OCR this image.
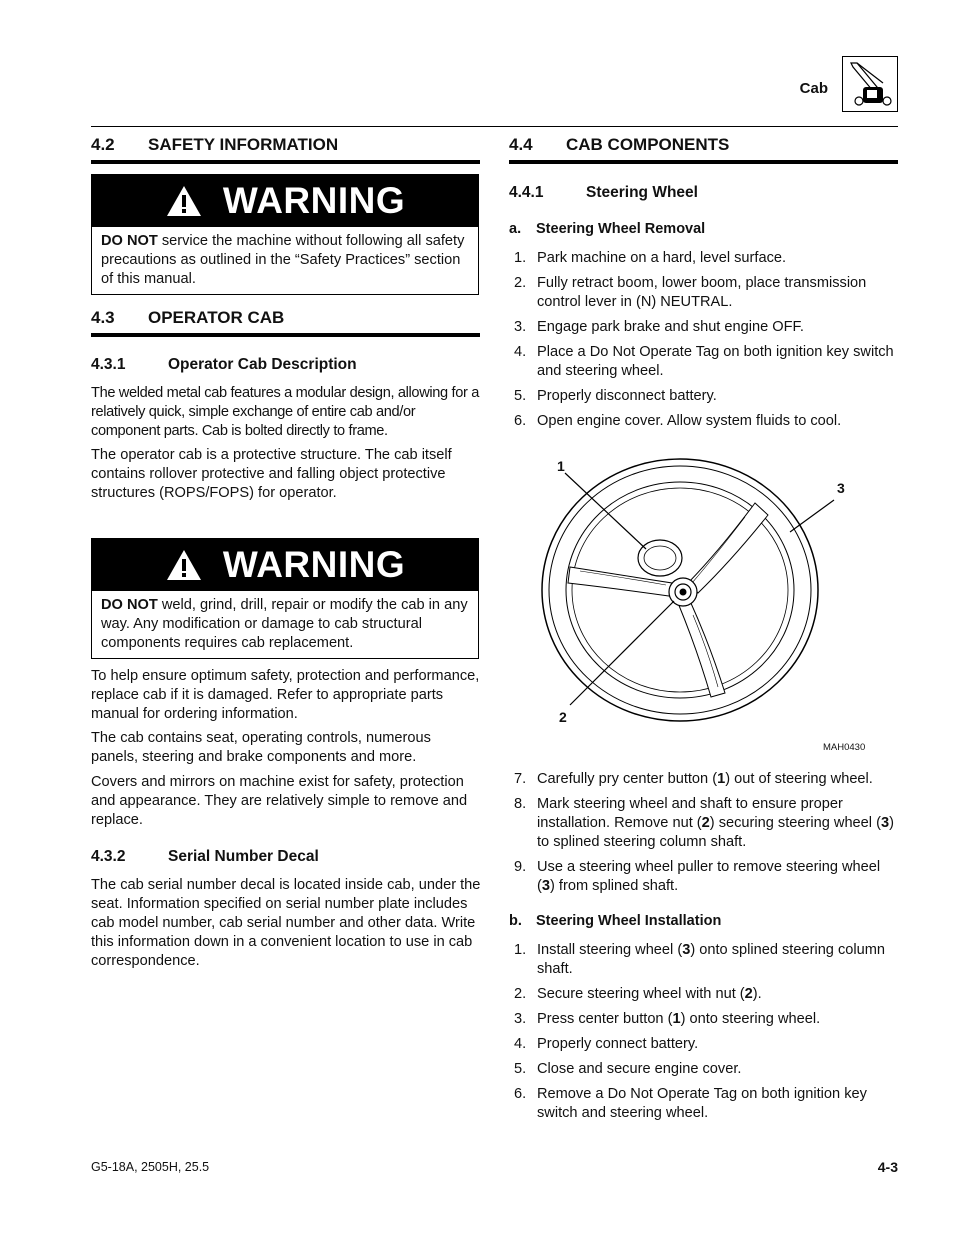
Cab
4.2 SAFETY INFORMATION
WARNING
DO NOT service the machine without following all safety precautions as outlined in the “Safety Practices” section of this manual.
4.3 OPERATOR CAB
4.3.1	Operator Cab Description
The welded metal cab features a modular design, allowing for a relatively quick, simple exchange of entire cab and/or component parts. Cab is bolted directly to frame.
The operator cab is a protective structure. The cab itself contains rollover protective and falling object protective structures (ROPS/FOPS) for operator.
WARNING
DO NOT weld, grind, drill, repair or modify the cab in any way. Any modification or damage to cab structural components requires cab replacement.
To help ensure optimum safety, protection and performance, replace cab if it is damaged. Refer to appropriate parts manual for ordering information.
The cab contains seat, operating controls, numerous panels, steering and brake components and more.
Covers and mirrors on machine exist for safety, protection and appearance. They are relatively simple to remove and replace.
4.3.2	Serial Number Decal
The cab serial number decal is located inside cab, under the seat. Information specified on serial number plate includes cab model number, cab serial number and other data. Write this information down in a convenient location to use in cab correspondence.
4.4 CAB COMPONENTS
4.4.1	Steering Wheel
a. Steering Wheel Removal
1. Park machine on a hard, level surface.
2. Fully retract boom, lower boom, place transmission control lever in (N) NEUTRAL.
3. Engage park brake and shut engine OFF.
4. Place a Do Not Operate Tag on both ignition key switch and steering wheel.
5. Properly disconnect battery.
6. Open engine cover. Allow system fluids to cool.
1
2
3
MAH0430
7. Carefully pry center button (1) out of steering wheel.
8. Mark steering wheel and shaft to ensure proper installation. Remove nut (2) securing steering wheel (3) to splined steering column shaft.
9. Use a steering wheel puller to remove steering wheel (3) from splined shaft.
b. Steering Wheel Installation
1. Install steering wheel (3) onto splined steering column shaft.
2. Secure steering wheel with nut (2).
3. Press center button (1) onto steering wheel.
4. Properly connect battery.
5. Close and secure engine cover.
6. Remove a Do Not Operate Tag on both ignition key switch and steering wheel.
G5-18A, 2505H, 25.5	4-3
